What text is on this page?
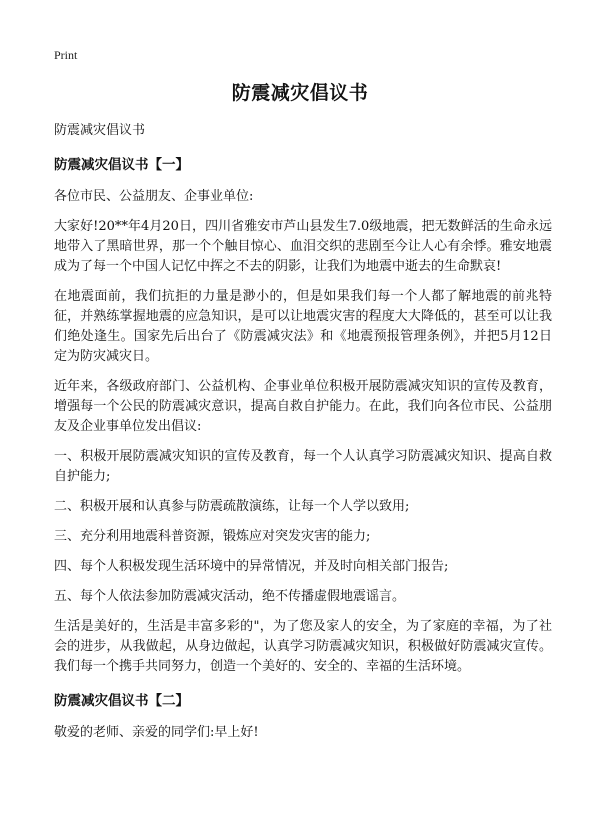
Print
防震减灾倡议书

防震减灾倡议书

防震减灾倡议书【一】

各位市民、公益朋友、企事业单位:

大家好!20**年4月20日，四川省雅安市芦山县发生7.0级地震，把无数鲜活的生命永远地带入了黑暗世界，那一个个触目惊心、血泪交织的悲剧至今让人心有余悸。雅安地震成为了每一个中国人记忆中挥之不去的阴影，让我们为地震中逝去的生命默哀!

在地震面前，我们抗拒的力量是渺小的，但是如果我们每一个人都了解地震的前兆特征，并熟练掌握地震的应急知识，是可以让地震灾害的程度大大降低的，甚至可以让我们绝处逢生。国家先后出台了《防震减灾法》和《地震预报管理条例》，并把5月12日定为防灾减灾日。

近年来，各级政府部门、公益机构、企事业单位积极开展防震减灾知识的宣传及教育，增强每一个公民的防震减灾意识，提高自救自护能力。在此，我们向各位市民、公益朋友及企业事单位发出倡议:

一、积极开展防震减灾知识的宣传及教育，每一个人认真学习防震减灾知识、提高自救自护能力;

二、积极开展和认真参与防震疏散演练，让每一个人学以致用;

三、充分利用地震科普资源，锻炼应对突发灾害的能力;

四、每个人积极发现生活环境中的异常情况，并及时向相关部门报告;

五、每个人依法参加防震减灾活动，绝不传播虚假地震谣言。

生活是美好的，生活是丰富多彩的"，为了您及家人的安全，为了家庭的幸福，为了社会的进步，从我做起，从身边做起，认真学习防震减灾知识，积极做好防震减灾宣传。我们每一个携手共同努力，创造一个美好的、安全的、幸福的生活环境。

防震减灾倡议书【二】

敬爱的老师、亲爱的同学们:早上好!
